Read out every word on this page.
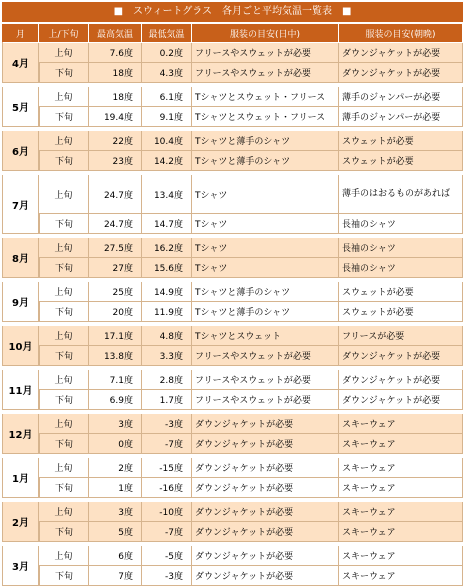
■　スウィートグラス　各月ごと平均気温一覧表　■
月	上/下旬	最高気温	最低気温	服装の目安(日中)	服装の目安(朝晩)
4月	上旬	7.6度	0.2度	フリースやスウェットが必要	ダウンジャケットが必要
	下旬	18度	4.3度	フリースやスウェットが必要	ダウンジャケットが必要

5月	上旬	18度	6.1度	Tシャツとスウェット・フリース	薄手のジャンパーが必要
	下旬	19.4度	9.1度	Tシャツとスウェット・フリース	薄手のジャンパーが必要

6月	上旬	22度	10.4度	Tシャツと薄手のシャツ	スウェットが必要
	下旬	23度	14.2度	Tシャツと薄手のシャツ	スウェットが必要

7月	上旬	24.7度	13.4度	Tシャツ	薄手のはおるものがあれば
	下旬	24.7度	14.7度	Tシャツ	長袖のシャツ

8月	上旬	27.5度	16.2度	Tシャツ	長袖のシャツ
	下旬	27度	15.6度	Tシャツ	長袖のシャツ

9月	上旬	25度	14.9度	Tシャツと薄手のシャツ	スウェットが必要
	下旬	20度	11.9度	Tシャツと薄手のシャツ	スウェットが必要

10月	上旬	17.1度	4.8度	Tシャツとスウェット	フリースが必要
	下旬	13.8度	3.3度	フリースやスウェットが必要	ダウンジャケットが必要

11月	上旬	7.1度	2.8度	フリースやスウェットが必要	ダウンジャケットが必要
	下旬	6.9度	1.7度	フリースやスウェットが必要	ダウンジャケットが必要

12月	上旬	3度	-3度	ダウンジャケットが必要	スキーウェア
	下旬	0度	-7度	ダウンジャケットが必要	スキーウェア

1月	上旬	2度	-15度	ダウンジャケットが必要	スキーウェア
	下旬	1度	-16度	ダウンジャケットが必要	スキーウェア

2月	上旬	3度	-10度	ダウンジャケットが必要	スキーウェア
	下旬	5度	-7度	ダウンジャケットが必要	スキーウェア

3月	上旬	6度	-5度	ダウンジャケットが必要	スキーウェア
	下旬	7度	-3度	ダウンジャケットが必要	スキーウェア
